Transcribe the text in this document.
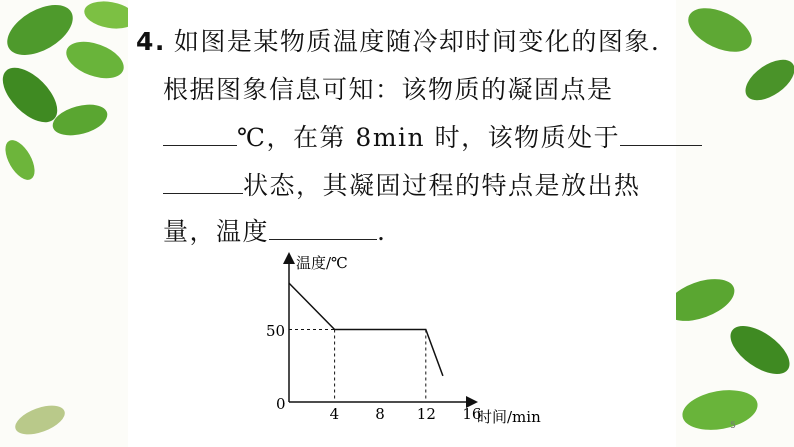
4. 如图是某物质温度随冷却时间变化的图象.
根据图象信息可知：该物质的凝固点是
℃，在第 8min 时，该物质处于
状态，其凝固过程的特点是放出热
量，温度	.
温度/℃
时间/min
0
50
4 8 12 16
5
